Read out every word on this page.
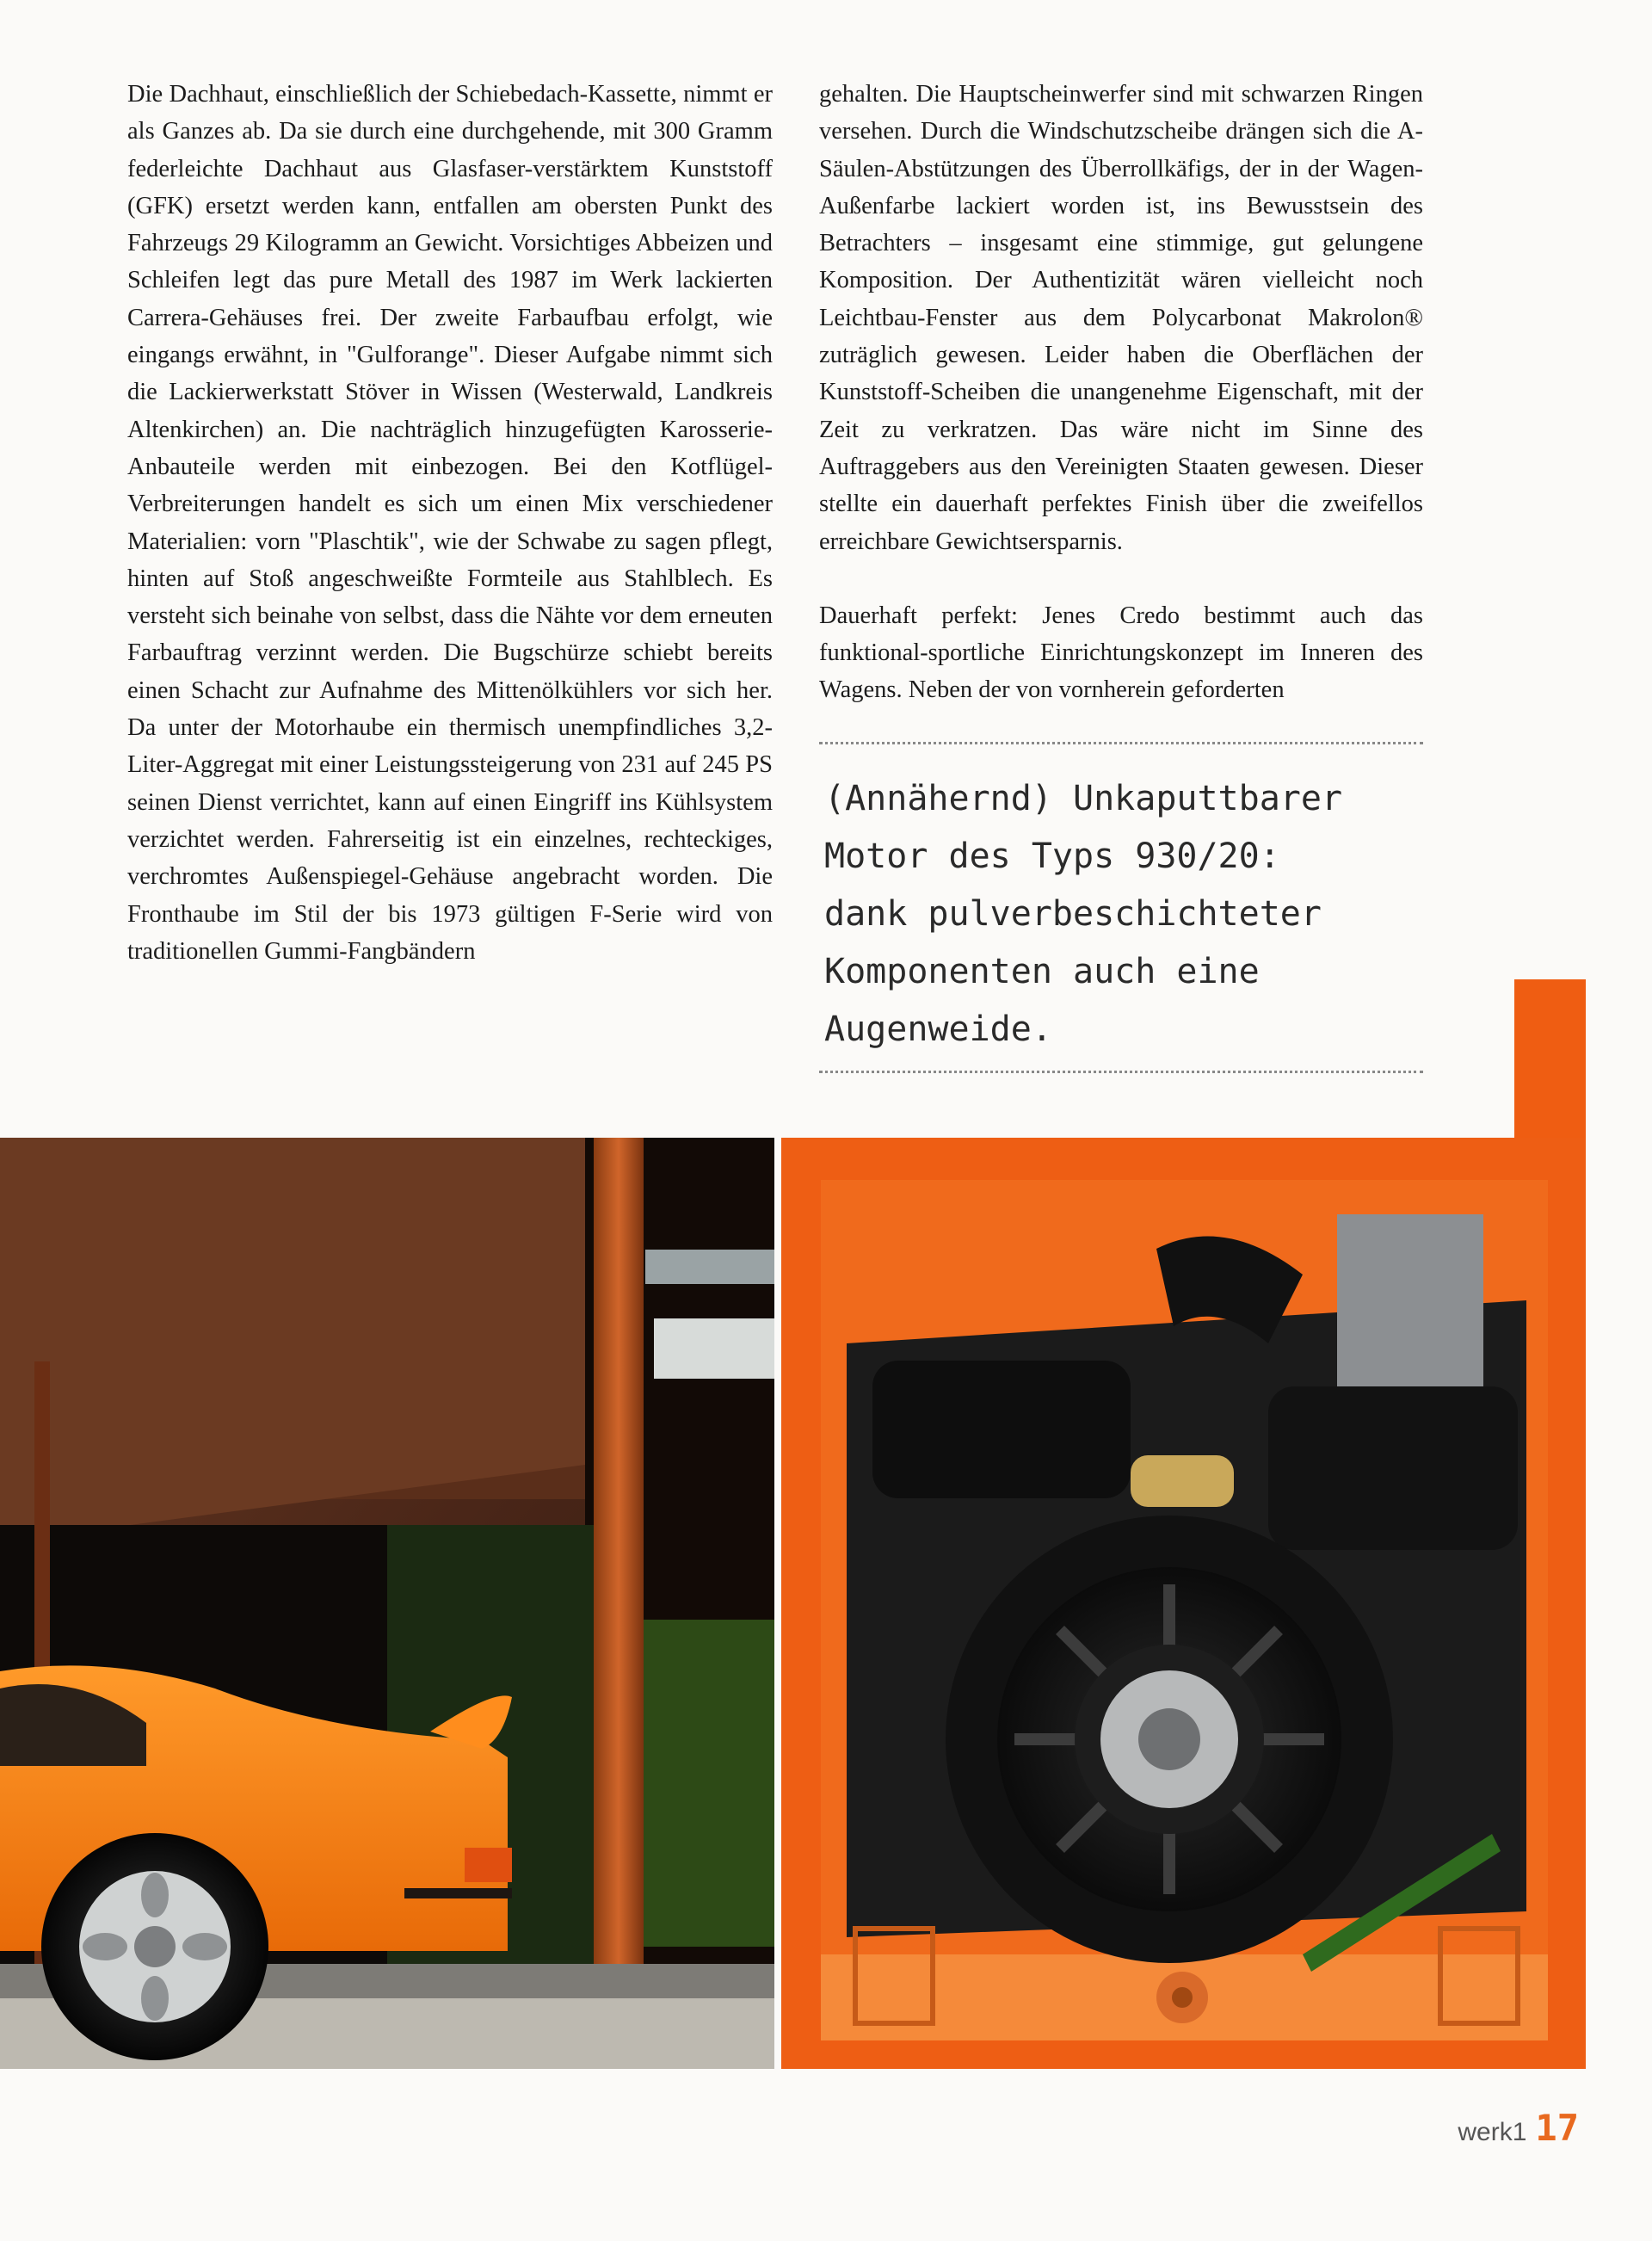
Die Dachhaut, einschließlich der Schiebedach-Kassette, nimmt er als Ganzes ab. Da sie durch eine durchgehende, mit 300 Gramm federleichte Dachhaut aus Glasfaser-verstärktem Kunststoff (GFK) ersetzt werden kann, entfallen am obersten Punkt des Fahrzeugs 29 Kilogramm an Gewicht. Vorsichtiges Abbeizen und Schleifen legt das pure Metall des 1987 im Werk lackierten Carrera-Gehäuses frei. Der zweite Farbaufbau erfolgt, wie eingangs erwähnt, in "Gulforange". Dieser Aufgabe nimmt sich die Lackierwerkstatt Stöver in Wissen (Westerwald, Landkreis Altenkirchen) an. Die nachträglich hinzugefügten Karosserie-Anbauteile werden mit einbezogen. Bei den Kotflügel-Verbreiterungen handelt es sich um einen Mix verschiedener Materialien: vorn "Plaschtik", wie der Schwabe zu sagen pflegt, hinten auf Stoß angeschweißte Formteile aus Stahlblech. Es versteht sich beinahe von selbst, dass die Nähte vor dem erneuten Farbauftrag verzinnt werden. Die Bugschürze schiebt bereits einen Schacht zur Aufnahme des Mittenölkühlers vor sich her. Da unter der Motorhaube ein thermisch unempfindliches 3,2-Liter-Aggregat mit einer Leistungssteigerung von 231 auf 245 PS seinen Dienst verrichtet, kann auf einen Eingriff ins Kühlsystem verzichtet werden. Fahrerseitig ist ein einzelnes, rechteckiges, verchromtes Außenspiegel-Gehäuse angebracht worden. Die Fronthaube im Stil der bis 1973 gültigen F-Serie wird von traditionellen Gummi-Fangbändern

gehalten. Die Hauptscheinwerfer sind mit schwarzen Ringen versehen. Durch die Windschutzscheibe drängen sich die A-Säulen-Abstützungen des Überrollkäfigs, der in der Wagen-Außenfarbe lackiert worden ist, ins Bewusstsein des Betrachters – insgesamt eine stimmige, gut gelungene Komposition. Der Authentizität wären vielleicht noch Leichtbau-Fenster aus dem Polycarbonat Makrolon® zuträglich gewesen. Leider haben die Oberflächen der Kunststoff-Scheiben die unangenehme Eigenschaft, mit der Zeit zu verkratzen. Das wäre nicht im Sinne des Auftraggebers aus den Vereinigten Staaten gewesen. Dieser stellte ein dauerhaft perfektes Finish über die zweifellos erreichbare Gewichtsersparnis.

Dauerhaft perfekt: Jenes Credo bestimmt auch das funktional-sportliche Einrichtungskonzept im Inneren des Wagens. Neben der von vornherein geforderten

(Annähernd) Unkaputtbarer
Motor des Typs 930/20:
dank pulverbeschichteter
Komponenten auch eine
Augenweide.
werk1 17
